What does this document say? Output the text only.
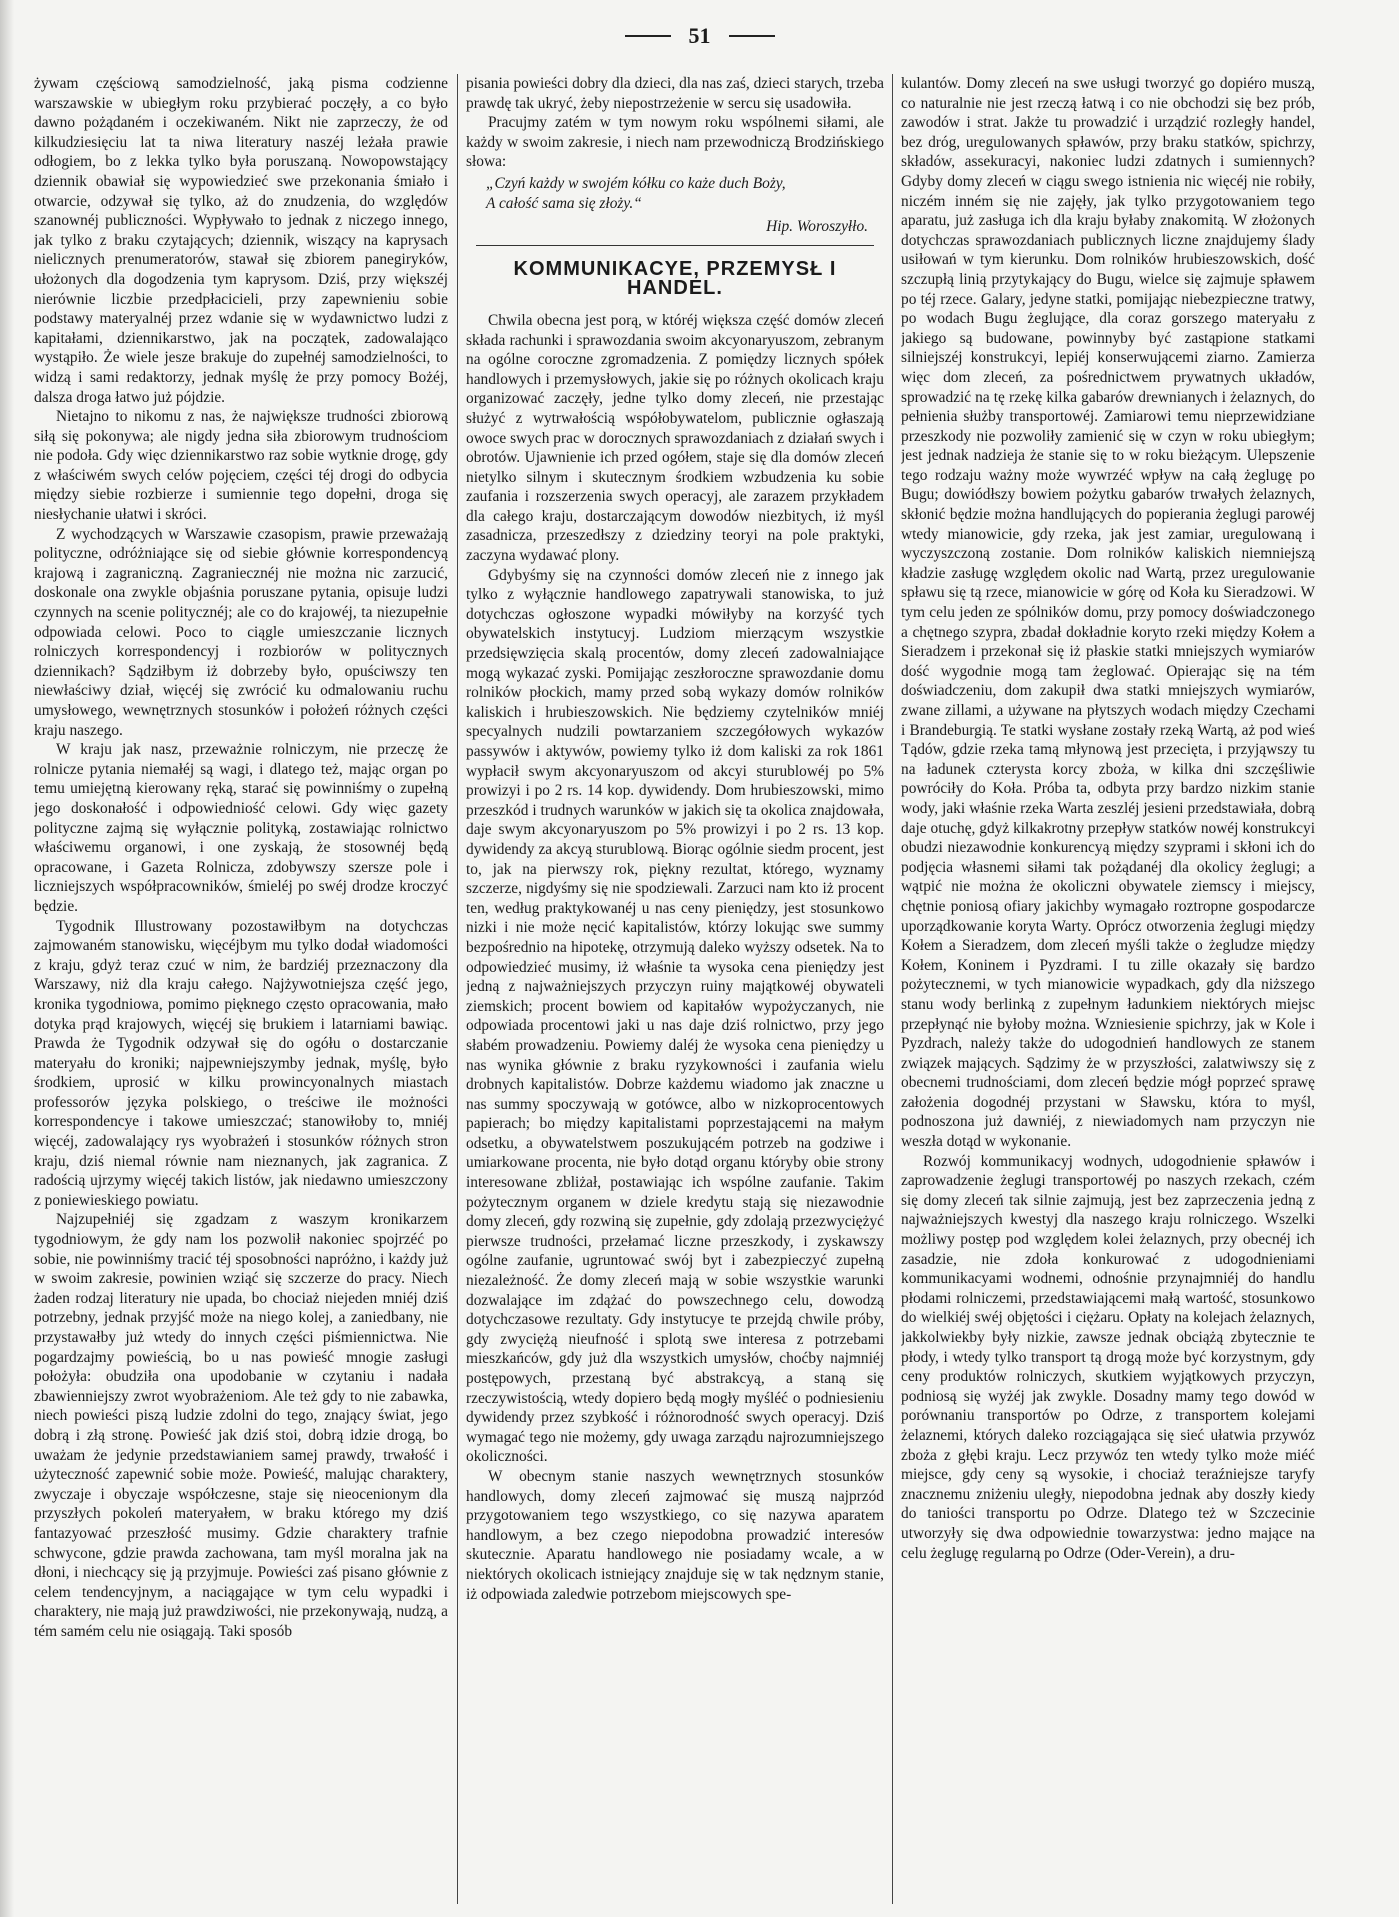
51

żywam częściową samodzielność, jaką pisma codzienne warszawskie w ubiegłym roku przybierać poczęły, a co było dawno pożądaném i oczekiwaném. Nikt nie zaprzeczy, że od kilkudziesięciu lat ta niwa literatury naszéj leżała prawie odłogiem, bo z lekka tylko była poruszaną. Nowopowstający dziennik obawiał się wypowiedzieć swe przekonania śmiało i otwarcie, odzywał się tylko, aż do znudzenia, do względów szanownéj publiczności. Wypływało to jednak z niczego innego, jak tylko z braku czytających; dziennik, wiszący na kaprysach nielicznych prenumeratorów, stawał się zbiorem panegiryków, ułożonych dla dogodzenia tym kaprysom. Dziś, przy większéj nierównie liczbie przedpłacicieli, przy zapewnieniu sobie podstawy materyalnéj przez wdanie się w wydawnictwo ludzi z kapitałami, dziennikarstwo, jak na początek, zadowalająco wystąpiło. Że wiele jesze brakuje do zupełnéj samodzielności, to widzą i sami redaktorzy, jednak myślę że przy pomocy Bożéj, dalsza droga łatwo już pójdzie.

Nietajno to nikomu z nas, że największe trudności zbiorową siłą się pokonywa; ale nigdy jedna siła zbiorowym trudnościom nie podoła. Gdy więc dziennikarstwo raz sobie wytknie drogę, gdy z właściwém swych celów pojęciem, części téj drogi do odbycia między siebie rozbierze i sumiennie tego dopełni, droga się niesłychanie ułatwi i skróci.

Z wychodzących w Warszawie czasopism, prawie przeważają polityczne, odróżniające się od siebie głównie korrespondencyą krajową i zagraniczną. Zagraniecznéj nie można nic zarzucić, doskonale ona zwykle objaśnia poruszane pytania, opisuje ludzi czynnych na scenie politycznéj; ale co do krajowéj, ta niezupełnie odpowiada celowi. Poco to ciągle umieszczanie licznych rolniczych korrespondencyj i rozbiorów w politycznych dziennikach? Sądziłbym iż dobrzeby było, opuściwszy ten niewłaściwy dział, więcéj się zwrócić ku odmalowaniu ruchu umysłowego, wewnętrznych stosunków i położeń różnych części kraju naszego.

W kraju jak nasz, przeważnie rolniczym, nie przeczę że rolnicze pytania niemałéj są wagi, i dlatego też, mając organ po temu umiejętną kierowany ręką, starać się powinniśmy o zupełną jego doskonałość i odpowiedniość celowi. Gdy więc gazety polityczne zajmą się wyłącznie polityką, zostawiając rolnictwo właściwemu organowi, i one zyskają, że stosownéj będą opracowane, i Gazeta Rolnicza, zdobywszy szersze pole i liczniejszych współpracowników, śmieléj po swéj drodze kroczyć będzie.

Tygodnik Illustrowany pozostawiłbym na dotychczas zajmowaném stanowisku, więcéjbym mu tylko dodał wiadomości z kraju, gdyż teraz czuć w nim, że bardziéj przeznaczony dla Warszawy, niż dla kraju całego. Najżywotniejsza część jego, kronika tygodniowa, pomimo pięknego często opracowania, mało dotyka prąd krajowych, więcéj się brukiem i latarniami bawiąc. Prawda że Tygodnik odzywał się do ogółu o dostarczanie materyału do kroniki; najpewniejszymby jednak, myślę, było środkiem, uprosić w kilku prowincyonalnych miastach professorów języka polskiego, o treściwe ile możności korrespondencye i takowe umieszczać; stanowiłoby to, mniéj więcéj, zadowalający rys wyobrażeń i stosunków różnych stron kraju, dziś niemal równie nam nieznanych, jak zagranica. Z radością ujrzymy więcéj takich listów, jak niedawno umieszczony z poniewieskiego powiatu.

Najzupełniéj się zgadzam z waszym kronikarzem tygodniowym, że gdy nam los pozwolił nakoniec spojrzéć po sobie, nie powinniśmy tracić téj sposobności napróżno, i każdy już w swoim zakresie, powinien wziąć się szczerze do pracy. Niech żaden rodzaj literatury nie upada, bo chociaż niejeden mniéj dziś potrzebny, jednak przyjść może na niego kolej, a zaniedbany, nie przystawałby już wtedy do innych części piśmiennictwa. Nie pogardzajmy powieścią, bo u nas powieść mnogie zasługi położyła: obudziła ona upodobanie w czytaniu i nadała zbawienniejszy zwrot wyobrażeniom. Ale też gdy to nie zabawka, niech powieści piszą ludzie zdolni do tego, znający świat, jego dobrą i złą stronę. Powieść jak dziś stoi, dobrą idzie drogą, bo uważam że jedynie przedstawianiem samej prawdy, trwałość i użyteczność zapewnić sobie może. Powieść, malując charaktery, zwyczaje i obyczaje współczesne, staje się nieocenionym dla przyszłych pokoleń materyałem, w braku którego my dziś fantazyować przeszłość musimy. Gdzie charaktery trafnie schwycone, gdzie prawda zachowana, tam myśl moralna jak na dłoni, i niechcący się ją przyjmuje. Powieści zaś pisano głównie z celem tendencyjnym, a naciągające w tym celu wypadki i charaktery, nie mają już prawdziwości, nie przekonywają, nudzą, a tém samém celu nie osiągają. Taki sposób

pisania powieści dobry dla dzieci, dla nas zaś, dzieci starych, trzeba prawdę tak ukryć, żeby niepostrzeżenie w sercu się usadowiła.

Pracujmy zatém w tym nowym roku wspólnemi siłami, ale każdy w swoim zakresie, i niech nam przewodniczą Brodzińskiego słowa:

„Czyń każdy w swojém kółku co każe duch Boży,
A całość sama się złoży.“
Hip. Woroszyłło.
KOMMUNIKACYE, PRZEMYSŁ I HANDEL.

Chwila obecna jest porą, w któréj większa część domów zleceń składa rachunki i sprawozdania swoim akcyonaryuszom, zebranym na ogólne coroczne zgromadzenia. Z pomiędzy licznych spółek handlowych i przemysłowych, jakie się po różnych okolicach kraju organizować zaczęły, jedne tylko domy zleceń, nie przestając służyć z wytrwałością współobywatelom, publicznie ogłaszają owoce swych prac w dorocznych sprawozdaniach z działań swych i obrotów. Ujawnienie ich przed ogółem, staje się dla domów zleceń nietylko silnym i skutecznym środkiem wzbudzenia ku sobie zaufania i rozszerzenia swych operacyj, ale zarazem przykładem dla całego kraju, dostarczającym dowodów niezbitych, iż myśl zasadnicza, przeszedłszy z dziedziny teoryi na pole praktyki, zaczyna wydawać plony.

Gdybyśmy się na czynności domów zleceń nie z innego jak tylko z wyłącznie handlowego zapatrywali stanowiska, to już dotychczas ogłoszone wypadki mówiłyby na korzyść tych obywatelskich instytucyj. Ludziom mierzącym wszystkie przedsięwzięcia skalą procentów, domy zleceń zadowalniające mogą wykazać zyski. Pomijając zeszłoroczne sprawozdanie domu rolników płockich, mamy przed sobą wykazy domów rolników kaliskich i hrubieszowskich. Nie będziemy czytelników mniéj specyalnych nudzili powtarzaniem szczegółowych wykazów passywów i aktywów, powiemy tylko iż dom kaliski za rok 1861 wypłacił swym akcyonaryuszom od akcyi sturublowéj po 5% prowizyi i po 2 rs. 14 kop. dywidendy. Dom hrubieszowski, mimo przeszkód i trudnych warunków w jakich się ta okolica znajdowała, daje swym akcyonaryuszom po 5% prowizyi i po 2 rs. 13 kop. dywidendy za akcyą sturublową. Biorąc ogólnie siedm procent, jest to, jak na pierwszy rok, piękny rezultat, którego, wyznamy szczerze, nigdyśmy się nie spodziewali. Zarzuci nam kto iż procent ten, według praktykowanéj u nas ceny pieniędzy, jest stosunkowo nizki i nie może nęcić kapitalistów, którzy lokując swe summy bezpośrednio na hipotekę, otrzymują daleko wyższy odsetek. Na to odpowiedzieć musimy, iż właśnie ta wysoka cena pieniędzy jest jedną z najważniejszych przyczyn ruiny majątkowéj obywateli ziemskich; procent bowiem od kapitałów wypożyczanych, nie odpowiada procentowi jaki u nas daje dziś rolnictwo, przy jego słabém prowadzeniu. Powiemy daléj że wysoka cena pieniędzy u nas wynika głównie z braku ryzykowności i zaufania wielu drobnych kapitalistów. Dobrze każdemu wiadomo jak znaczne u nas summy spoczywają w gotówce, albo w nizkoprocentowych papierach; bo między kapitalistami poprzestającemi na małym odsetku, a obywatelstwem poszukującém potrzeb na godziwe i umiarkowane procenta, nie było dotąd organu któryby obie strony interesowane zbliżał, postawiając ich wspólne zaufanie. Takim pożytecznym organem w dziele kredytu stają się niezawodnie domy zleceń, gdy rozwiną się zupełnie, gdy zdolają przezwyciężyć pierwsze trudności, przełamać liczne przeszkody, i zyskawszy ogólne zaufanie, ugruntować swój byt i zabezpieczyć zupełną niezależność. Że domy zleceń mają w sobie wszystkie warunki dozwalające im zdążać do powszechnego celu, dowodzą dotychczasowe rezultaty. Gdy instytucye te przejdą chwile próby, gdy zwyciężą nieufność i splotą swe interesa z potrzebami mieszkańców, gdy już dla wszystkich umysłów, choćby najmniéj postępowych, przestaną być abstrakcyą, a staną się rzeczywistością, wtedy dopiero będą mogły myśléć o podniesieniu dywidendy przez szybkość i różnorodność swych operacyj. Dziś wymagać tego nie możemy, gdy uwaga zarządu najrozumniejszego okoliczności.

W obecnym stanie naszych wewnętrznych stosunków handlowych, domy zleceń zajmować się muszą najprzód przygotowaniem tego wszystkiego, co się nazywa aparatem handlowym, a bez czego niepodobna prowadzić interesów skutecznie. Aparatu handlowego nie posiadamy wcale, a w niektórych okolicach istniejący znajduje się w tak nędznym stanie, iż odpowiada zaledwie potrzebom miejscowych spe-

kulantów. Domy zleceń na swe usługi tworzyć go dopiéro muszą, co naturalnie nie jest rzeczą łatwą i co nie obchodzi się bez prób, zawodów i strat. Jakże tu prowadzić i urządzić rozległy handel, bez dróg, uregulowanych spławów, przy braku statków, spichrzy, składów, assekuracyi, nakoniec ludzi zdatnych i sumiennych? Gdyby domy zleceń w ciągu swego istnienia nic więcéj nie robiły, niczém inném się nie zajęły, jak tylko przygotowaniem tego aparatu, już zasługa ich dla kraju byłaby znakomitą. W złożonych dotychczas sprawozdaniach publicznych liczne znajdujemy ślady usiłowań w tym kierunku. Dom rolników hrubieszowskich, dość szczupłą linią przytykający do Bugu, wielce się zajmuje spławem po téj rzece. Galary, jedyne statki, pomijając niebezpieczne tratwy, po wodach Bugu żeglujące, dla coraz gorszego materyału z jakiego są budowane, powinnyby być zastąpione statkami silniejszéj konstrukcyi, lepiéj konserwującemi ziarno. Zamierza więc dom zleceń, za pośrednictwem prywatnych układów, sprowadzić na tę rzekę kilka gabarów drewnianych i żelaznych, do pełnienia służby transportowéj. Zamiarowi temu nieprzewidziane przeszkody nie pozwoliły zamienić się w czyn w roku ubiegłym; jest jednak nadzieja że stanie się to w roku bieżącym. Ulepszenie tego rodzaju ważny może wywrzéć wpływ na całą żeglugę po Bugu; dowiódłszy bowiem pożytku gabarów trwałych żelaznych, skłonić będzie można handlujących do popierania żeglugi parowéj wtedy mianowicie, gdy rzeka, jak jest zamiar, uregulowaną i wyczyszczoną zostanie. Dom rolników kaliskich niemniejszą kładzie zasługę względem okolic nad Wartą, przez uregulowanie spławu się tą rzece, mianowicie w górę od Koła ku Sieradzowi. W tym celu jeden ze spólników domu, przy pomocy doświadczonego a chętnego szypra, zbadał dokładnie koryto rzeki między Kołem a Sieradzem i przekonał się iż płaskie statki mniejszych wymiarów dość wygodnie mogą tam żeglować. Opierając się na tém doświadczeniu, dom zakupił dwa statki mniejszych wymiarów, zwane zillami, a używane na płytszych wodach między Czechami i Brandeburgią. Te statki wysłane zostały rzeką Wartą, aż pod wieś Tądów, gdzie rzeka tamą młynową jest przecięta, i przyjąwszy tu na ładunek czterysta korcy zboża, w kilka dni szczęśliwie powróciły do Koła. Próba ta, odbyta przy bardzo nizkim stanie wody, jaki właśnie rzeka Warta zeszléj jesieni przedstawiała, dobrą daje otuchę, gdyż kilkakrotny przepływ statków nowéj konstrukcyi obudzi niezawodnie konkurencyą między szyprami i skłoni ich do podjęcia własnemi siłami tak pożądanéj dla okolicy żeglugi; a wątpić nie można że okoliczni obywatele ziemscy i miejscy, chętnie poniosą ofiary jakichby wymagało roztropne gospodarcze uporządkowanie koryta Warty. Oprócz otworzenia żeglugi między Kołem a Sieradzem, dom zleceń myśli także o żegludze między Kołem, Koninem i Pyzdrami. I tu zille okazały się bardzo pożytecznemi, w tych mianowicie wypadkach, gdy dla niższego stanu wody berlinką z zupełnym ładunkiem niektórych miejsc przepłynąć nie byłoby można. Wzniesienie spichrzy, jak w Kole i Pyzdrach, należy także do udogodnień handlowych ze stanem związek mających. Sądzimy że w przyszłości, zalatwiwszy się z obecnemi trudnościami, dom zleceń będzie mógł poprzeć sprawę założenia dogodnéj przystani w Sławsku, która to myśl, podnoszona już dawniéj, z niewiadomych nam przyczyn nie weszła dotąd w wykonanie.

Rozwój kommunikacyj wodnych, udogodnienie spławów i zaprowadzenie żeglugi transportowéj po naszych rzekach, czém się domy zleceń tak silnie zajmują, jest bez zaprzeczenia jedną z najważniejszych kwestyj dla naszego kraju rolniczego. Wszelki możliwy postęp pod względem kolei żelaznych, przy obecnéj ich zasadzie, nie zdoła konkurować z udogodnieniami kommunikacyami wodnemi, odnośnie przynajmniéj do handlu płodami rolniczemi, przedstawiającemi małą wartość, stosunkowo do wielkiéj swéj objętości i ciężaru. Opłaty na kolejach żelaznych, jakkolwiekby były nizkie, zawsze jednak obciążą zbytecznie te płody, i wtedy tylko transport tą drogą może być korzystnym, gdy ceny produktów rolniczych, skutkiem wyjątkowych przyczyn, podniosą się wyżéj jak zwykle. Dosadny mamy tego dowód w porównaniu transportów po Odrze, z transportem kolejami żelaznemi, których daleko rozciągająca się sieć ułatwia przywóz zboża z głębi kraju. Lecz przywóz ten wtedy tylko może miéć miejsce, gdy ceny są wysokie, i chociaż teraźniejsze taryfy znacznemu zniżeniu uległy, niepodobna jednak aby doszły kiedy do taniości transportu po Odrze. Dlatego też w Szczecinie utworzyły się dwa odpowiednie towarzystwa: jedno mające na celu żeglugę regularną po Odrze (Oder-Verein), a dru-
